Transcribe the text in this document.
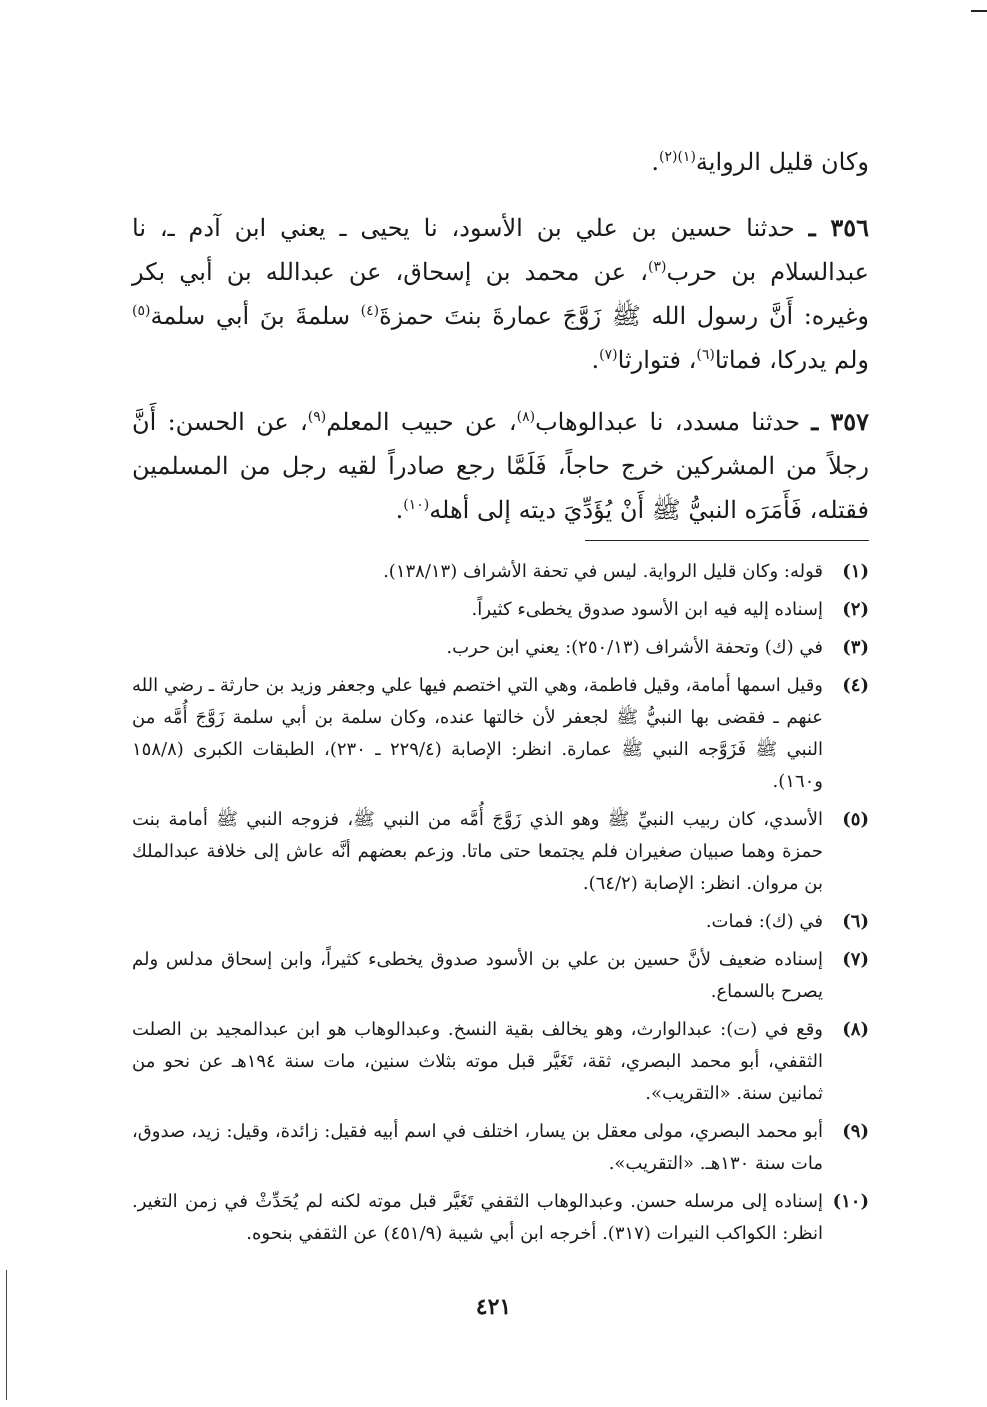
وكان قليل الرواية$^{(١)(٢)}$.

٣٥٦ ـ حدثنا حسين بن علي بن الأسود، نا يحيى ـ يعني ابن آدم ـ، نا عبدالسلام بن حرب$^{(٣)}$، عن محمد بن إسحاق، عن عبدالله بن أبي بكر وغيره: أَنَّ رسول الله ﷺ زَوَّجَ عمارةَ بنتَ حمزةَ$^{(٤)}$ سلمةَ بنَ أبي سلمة$^{(٥)}$ ولم يدركا، فماتا$^{(٦)}$، فتوارثا$^{(٧)}$.

٣٥٧ ـ حدثنا مسدد، نا عبدالوهاب$^{(٨)}$، عن حبيب المعلم$^{(٩)}$، عن الحسن: أَنَّ رجلاً من المشركين خرج حاجاً، فَلَمَّا رجع صادراً لقيه رجل من المسلمين فقتله، فَأَمَرَه النبيُّ ﷺ أَنْ يُؤَدِّيَ ديته إلى أهله$^{(١٠)}$.

(١)
قوله: وكان قليل الرواية. ليس في تحفة الأشراف (١٣٨/١٣).
(٢)
إسناده إليه فيه ابن الأسود صدوق يخطىء كثيراً.
(٣)
في (ك) وتحفة الأشراف (٢٥٠/١٣): يعني ابن حرب.
(٤)
وقيل اسمها أمامة، وقيل فاطمة، وهي التي اختصم فيها علي وجعفر وزيد بن حارثة ـ رضي الله عنهم ـ فقضى بها النبيُّ ﷺ لجعفر لأن خالتها عنده، وكان سلمة بن أبي سلمة زَوَّجَ أُمَّه من النبي ﷺ فَزَوَّجه النبي ﷺ عمارة. انظر: الإصابة (٢٢٩/٤ ـ ٢٣٠)، الطبقات الكبرى (١٥٨/٨ و١٦٠).
(٥)
الأسدي، كان ربيب النبيِّ ﷺ وهو الذي زَوَّجَ أُمَّه من النبي ﷺ، فزوجه النبي ﷺ أمامة بنت حمزة وهما صبيان صغيران فلم يجتمعا حتى ماتا. وزعم بعضهم أنَّه عاش إلى خلافة عبدالملك بن مروان. انظر: الإصابة (٦٤/٢).
(٦)
في (ك): فمات.
(٧)
إسناده ضعيف لأنَّ حسين بن علي بن الأسود صدوق يخطىء كثيراً، وابن إسحاق مدلس ولم يصرح بالسماع.
(٨)
وقع في (ت): عبدالوارث، وهو يخالف بقية النسخ. وعبدالوهاب هو ابن عبدالمجيد بن الصلت الثقفي، أبو محمد البصري، ثقة، تَغَيَّر قبل موته بثلاث سنين، مات سنة ١٩٤هـ عن نحو من ثمانين سنة. «التقريب».
(٩)
أبو محمد البصري، مولى معقل بن يسار، اختلف في اسم أبيه فقيل: زائدة، وقيل: زيد، صدوق، مات سنة ١٣٠هـ. «التقريب».
(١٠)
إسناده إلى مرسله حسن. وعبدالوهاب الثقفي تَغَيَّر قبل موته لكنه لم يُحَدِّثْ في زمن التغير. انظر: الكواكب النيرات (٣١٧). أخرجه ابن أبي شيبة (٤٥١/٩) عن الثقفي بنحوه.
٤٢١
